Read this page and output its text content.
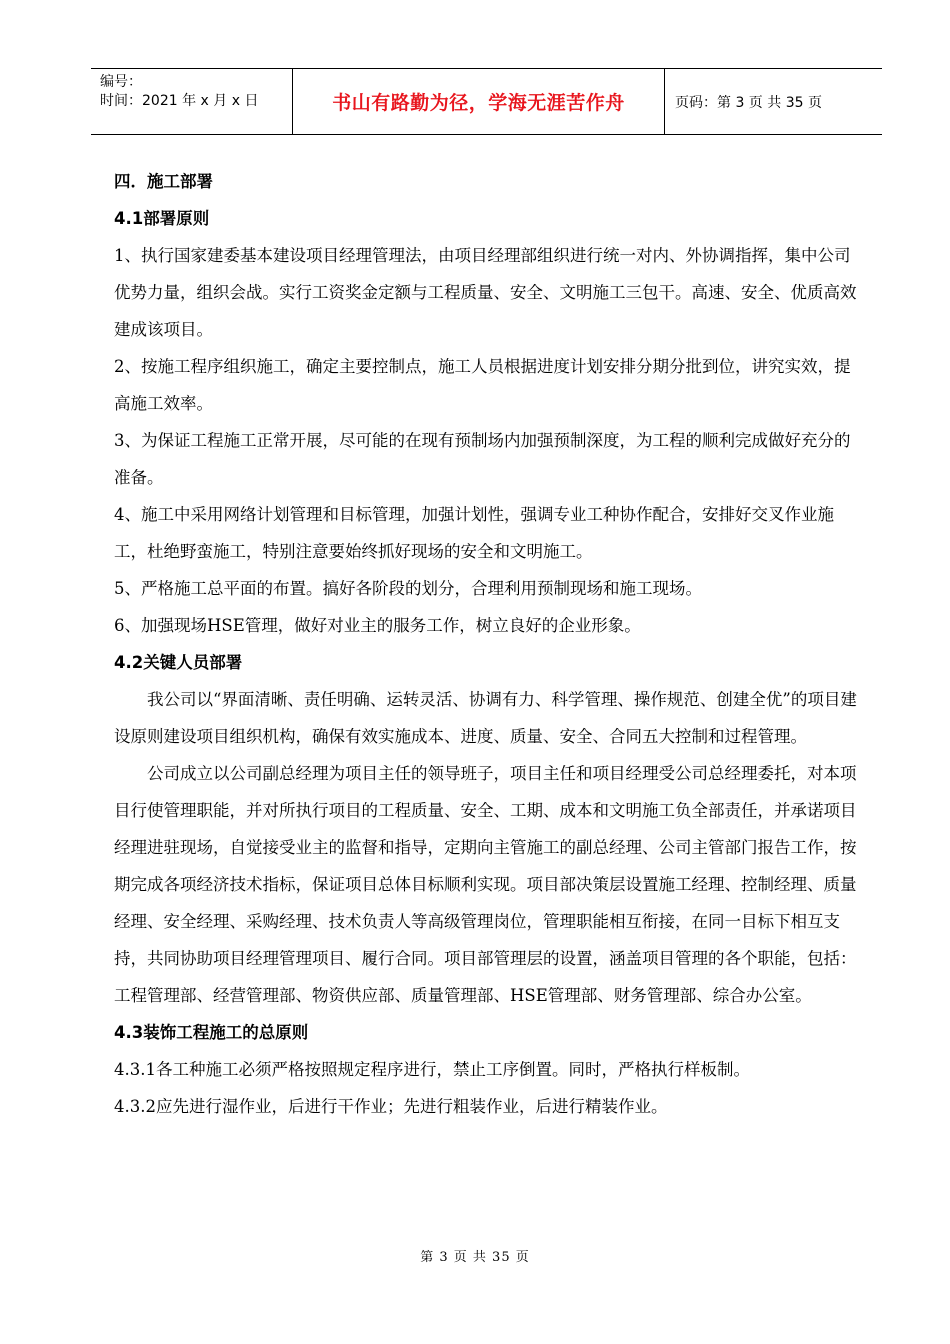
编号：
时间：2021 年 x 月 x 日	书山有路勤为径，学海无涯苦作舟	页码：第 3 页 共 35 页

四．施工部署

4.1部署原则

1、执行国家建委基本建设项目经理管理法，由项目经理部组织进行统一对内、外协调指挥，集中公司优势力量，组织会战。实行工资奖金定额与工程质量、安全、文明施工三包干。高速、安全、优质高效建成该项目。

2、按施工程序组织施工，确定主要控制点，施工人员根据进度计划安排分期分批到位，讲究实效，提高施工效率。

3、为保证工程施工正常开展，尽可能的在现有预制场内加强预制深度，为工程的顺利完成做好充分的准备。

4、施工中采用网络计划管理和目标管理，加强计划性，强调专业工种协作配合，安排好交叉作业施工，杜绝野蛮施工，特别注意要始终抓好现场的安全和文明施工。

5、严格施工总平面的布置。搞好各阶段的划分，合理利用预制现场和施工现场。

6、加强现场HSE管理，做好对业主的服务工作，树立良好的企业形象。

4.2关键人员部署

我公司以“界面清晰、责任明确、运转灵活、协调有力、科学管理、操作规范、创建全优”的项目建设原则建设项目组织机构，确保有效实施成本、进度、质量、安全、合同五大控制和过程管理。

公司成立以公司副总经理为项目主任的领导班子，项目主任和项目经理受公司总经理委托，对本项目行使管理职能，并对所执行项目的工程质量、安全、工期、成本和文明施工负全部责任，并承诺项目经理进驻现场，自觉接受业主的监督和指导，定期向主管施工的副总经理、公司主管部门报告工作，按期完成各项经济技术指标，保证项目总体目标顺利实现。项目部决策层设置施工经理、控制经理、质量经理、安全经理、采购经理、技术负责人等高级管理岗位，管理职能相互衔接，在同一目标下相互支持，共同协助项目经理管理项目、履行合同。项目部管理层的设置，涵盖项目管理的各个职能，包括：工程管理部、经营管理部、物资供应部、质量管理部、HSE管理部、财务管理部、综合办公室。

4.3装饰工程施工的总原则

4.3.1各工种施工必须严格按照规定程序进行，禁止工序倒置。同时，严格执行样板制。

4.3.2应先进行湿作业，后进行干作业；先进行粗装作业，后进行精装作业。

第 3 页 共 35 页
